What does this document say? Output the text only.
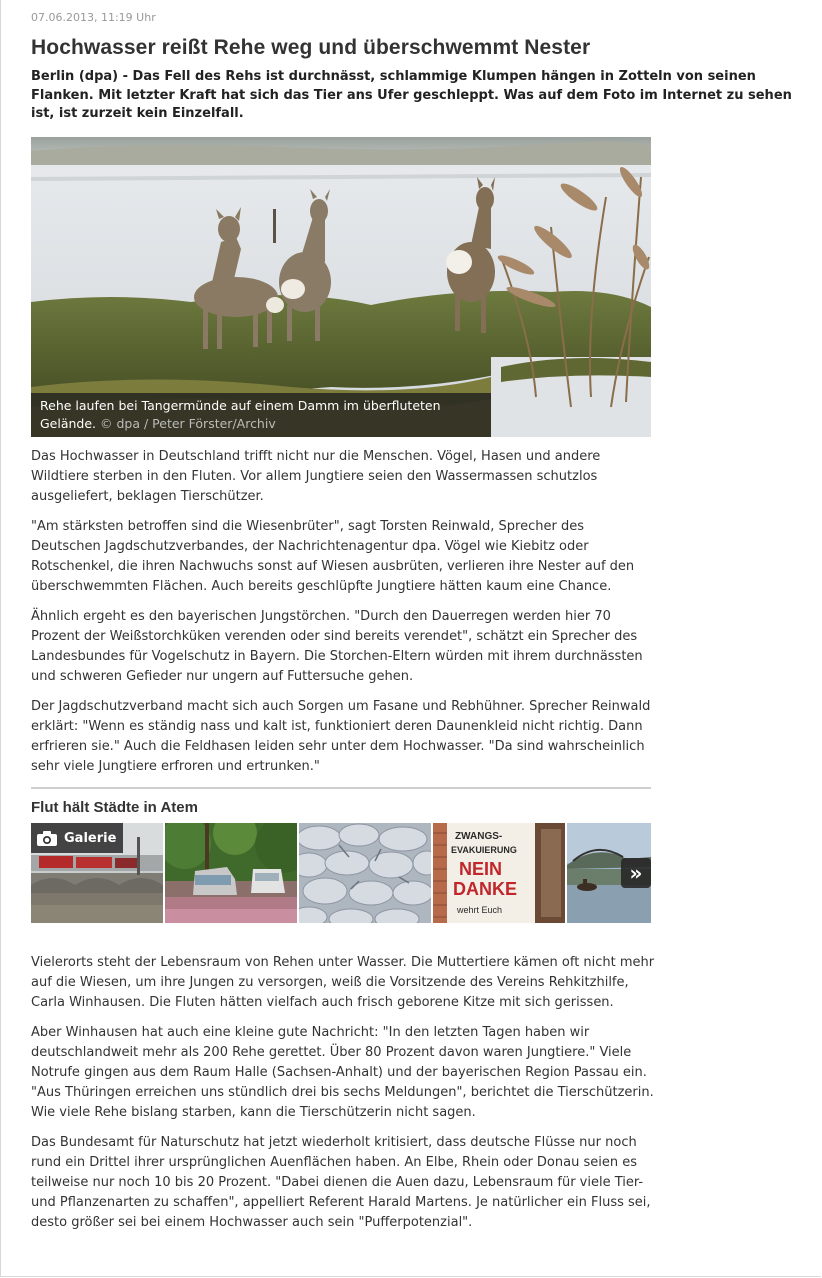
07.06.2013, 11:19 Uhr
Hochwasser reißt Rehe weg und überschwemmt Nester

Berlin (dpa) - Das Fell des Rehs ist durchnässt, schlammige Klumpen hängen in Zotteln von seinen Flanken. Mit letzter Kraft hat sich das Tier ans Ufer geschleppt. Was auf dem Foto im Internet zu sehen ist, ist zurzeit kein Einzelfall.

Rehe laufen bei Tangermünde auf einem Damm im überfluteten Gelände. © dpa / Peter Förster/Archiv

Das Hochwasser in Deutschland trifft nicht nur die Menschen. Vögel, Hasen und andere Wildtiere sterben in den Fluten. Vor allem Jungtiere seien den Wassermassen schutzlos ausgeliefert, beklagen Tierschützer.

"Am stärksten betroffen sind die Wiesenbrüter", sagt Torsten Reinwald, Sprecher des Deutschen Jagdschutzverbandes, der Nachrichtenagentur dpa. Vögel wie Kiebitz oder Rotschenkel, die ihren Nachwuchs sonst auf Wiesen ausbrüten, verlieren ihre Nester auf den überschwemmten Flächen. Auch bereits geschlüpfte Jungtiere hätten kaum eine Chance.

Ähnlich ergeht es den bayerischen Jungstörchen. "Durch den Dauerregen werden hier 70 Prozent der Weißstorchküken verenden oder sind bereits verendet", schätzt ein Sprecher des Landesbundes für Vogelschutz in Bayern. Die Storchen-Eltern würden mit ihrem durchnässten und schweren Gefieder nur ungern auf Futtersuche gehen.

Der Jagdschutzverband macht sich auch Sorgen um Fasane und Rebhühner. Sprecher Reinwald erklärt: "Wenn es ständig nass und kalt ist, funktioniert deren Daunenkleid nicht richtig. Dann erfrieren sie." Auch die Feldhasen leiden sehr unter dem Hochwasser. "Da sind wahrscheinlich sehr viele Jungtiere erfroren und ertrunken."

Flut hält Städte in Atem
Galerie	ZWANGS-
EVAKUIERUNG
NEIN
DANKE
wehrt Euch
»

Vielerorts steht der Lebensraum von Rehen unter Wasser. Die Muttertiere kämen oft nicht mehr auf die Wiesen, um ihre Jungen zu versorgen, weiß die Vorsitzende des Vereins Rehkitzhilfe, Carla Winhausen. Die Fluten hätten vielfach auch frisch geborene Kitze mit sich gerissen.

Aber Winhausen hat auch eine kleine gute Nachricht: "In den letzten Tagen haben wir deutschlandweit mehr als 200 Rehe gerettet. Über 80 Prozent davon waren Jungtiere." Viele Notrufe gingen aus dem Raum Halle (Sachsen-Anhalt) und der bayerischen Region Passau ein. "Aus Thüringen erreichen uns stündlich drei bis sechs Meldungen", berichtet die Tierschützerin. Wie viele Rehe bislang starben, kann die Tierschützerin nicht sagen.

Das Bundesamt für Naturschutz hat jetzt wiederholt kritisiert, dass deutsche Flüsse nur noch rund ein Drittel ihrer ursprünglichen Auenflächen haben. An Elbe, Rhein oder Donau seien es teilweise nur noch 10 bis 20 Prozent. "Dabei dienen die Auen dazu, Lebensraum für viele Tier- und Pflanzenarten zu schaffen", appelliert Referent Harald Martens. Je natürlicher ein Fluss sei, desto größer sei bei einem Hochwasser auch sein "Pufferpotenzial".
